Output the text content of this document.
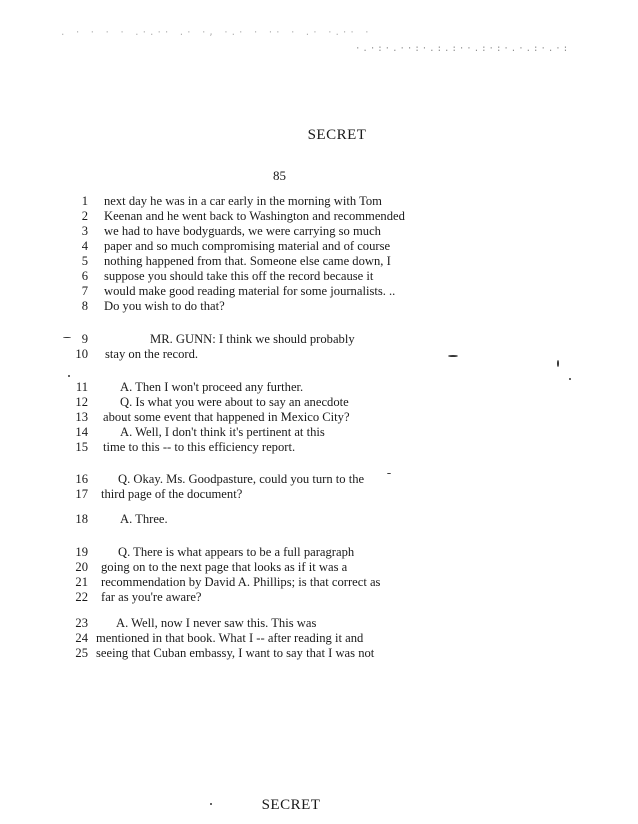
. · · · · .·.·· .· ·, ·.· · ·· · .· ·.·· ·
·.·:·.··:·.:.:··.:·:·.·.:·.·:
SECRET
85
1 next day he was in a car early in the morning with Tom
2 Keenan and he went back to Washington and recommended
3 we had to have bodyguards, we were carrying so much
4 paper and so much compromising material and of course
5 nothing happened from that. Someone else came down, I
6 suppose you should take this off the record because it
7 would make good reading material for some journalists. ..
8 Do you wish to do that?
9	MR. GUNN: I think we should probably
10 stay on the record.
11	A. Then I won't proceed any further.
12	Q. Is what you were about to say an anecdote
13 about some event that happened in Mexico City?
14	A. Well, I don't think it's pertinent at this
15 time to this -- to this efficiency report.
16 Q. Okay. Ms. Goodpasture, could you turn to the
17 third page of the document?
18	A. Three.
19 Q. There is what appears to be a full paragraph
20 going on to the next page that looks as if it was a
21 recommendation by David A. Phillips; is that correct as
22 far as you're aware?
23 A. Well, now I never saw this. This was
24 mentioned in that book. What I -- after reading it and
25 seeing that Cuban embassy, I want to say that I was not
SECRET
